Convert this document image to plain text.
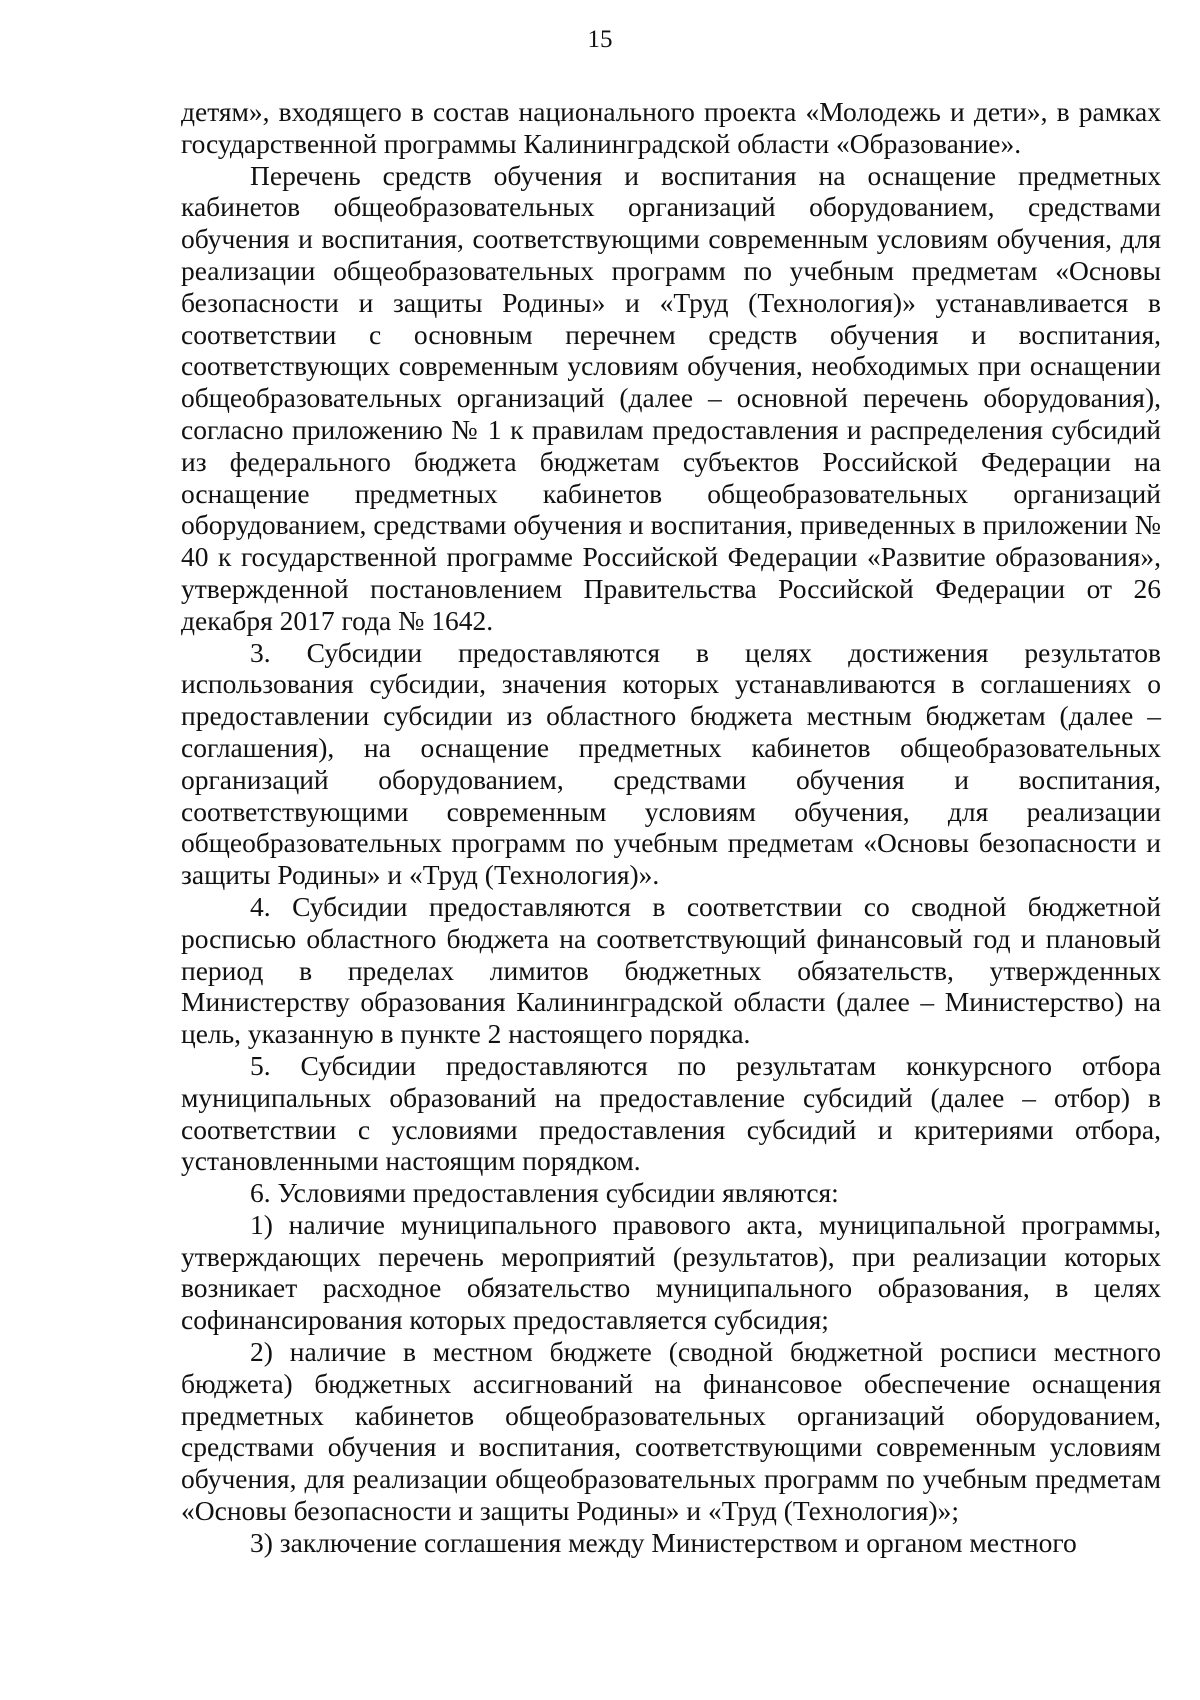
15

детям», входящего в состав национального проекта «Молодежь и дети», в рамках государственной программы Калининградской области «Образование».

Перечень средств обучения и воспитания на оснащение предметных кабинетов общеобразовательных организаций оборудованием, средствами обучения и воспитания, соответствующими современным условиям обучения, для реализации общеобразовательных программ по учебным предметам «Основы безопасности и защиты Родины» и «Труд (Технология)» устанавливается в соответствии с основным перечнем средств обучения и воспитания, соответствующих современным условиям обучения, необходимых при оснащении общеобразовательных организаций (далее – основной перечень оборудования), согласно приложению № 1 к правилам предоставления и распределения субсидий из федерального бюджета бюджетам субъектов Российской Федерации на оснащение предметных кабинетов общеобразовательных организаций оборудованием, средствами обучения и воспитания, приведенных в приложении № 40 к государственной программе Российской Федерации «Развитие образования», утвержденной постановлением Правительства Российской Федерации от 26 декабря 2017 года № 1642.

3. Субсидии предоставляются в целях достижения результатов использования субсидии, значения которых устанавливаются в соглашениях о предоставлении субсидии из областного бюджета местным бюджетам (далее – соглашения), на оснащение предметных кабинетов общеобразовательных организаций оборудованием, средствами обучения и воспитания, соответствующими современным условиям обучения, для реализации общеобразовательных программ по учебным предметам «Основы безопасности и защиты Родины» и «Труд (Технология)».

4. Субсидии предоставляются в соответствии со сводной бюджетной росписью областного бюджета на соответствующий финансовый год и плановый период в пределах лимитов бюджетных обязательств, утвержденных Министерству образования Калининградской области (далее – Министерство) на цель, указанную в пункте 2 настоящего порядка.

5. Субсидии предоставляются по результатам конкурсного отбора муниципальных образований на предоставление субсидий (далее – отбор) в соответствии с условиями предоставления субсидий и критериями отбора, установленными настоящим порядком.

6. Условиями предоставления субсидии являются:

1) наличие муниципального правового акта, муниципальной программы, утверждающих перечень мероприятий (результатов), при реализации которых возникает расходное обязательство муниципального образования, в целях софинансирования которых предоставляется субсидия;

2) наличие в местном бюджете (сводной бюджетной росписи местного бюджета) бюджетных ассигнований на финансовое обеспечение оснащения предметных кабинетов общеобразовательных организаций оборудованием, средствами обучения и воспитания, соответствующими современным условиям обучения, для реализации общеобразовательных программ по учебным предметам «Основы безопасности и защиты Родины» и «Труд (Технология)»;

3) заключение соглашения между Министерством и органом местного
